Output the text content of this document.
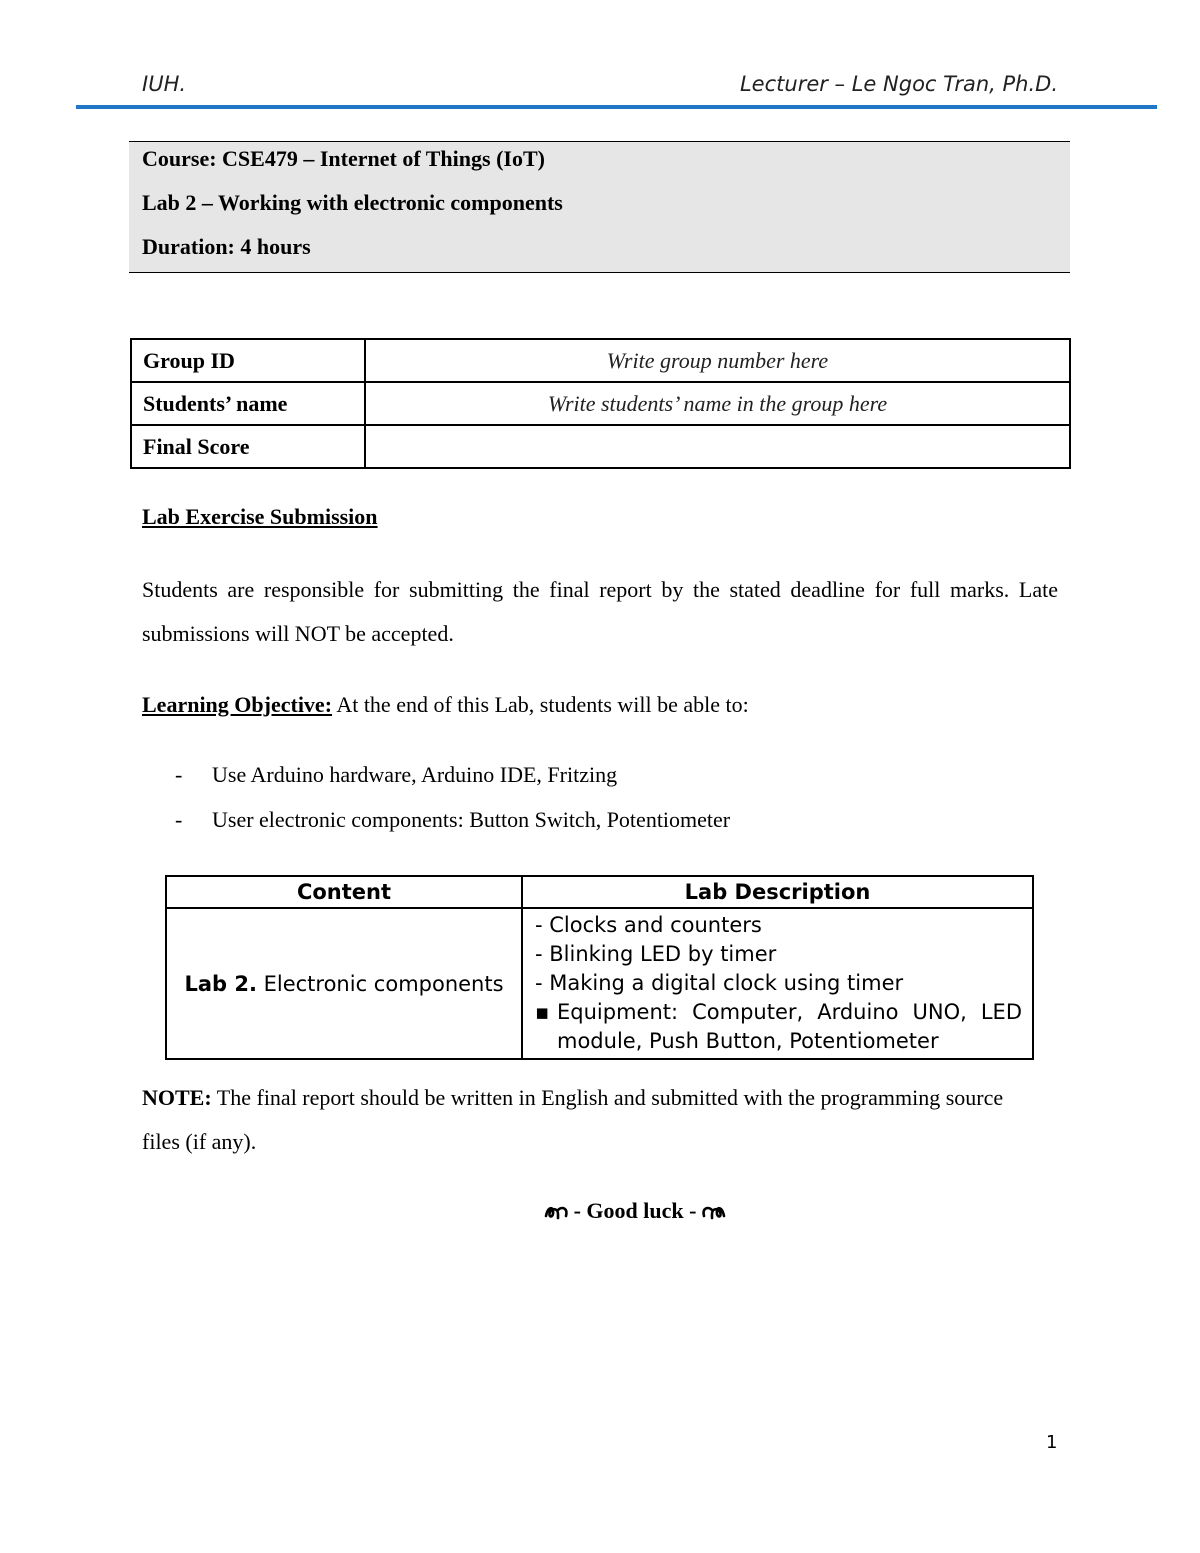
IUH.	Lecturer – Le Ngoc Tran, Ph.D.
Course: CSE479 – Internet of Things (IoT)
Lab 2 – Working with electronic components
Duration: 4 hours
Group ID	Write group number here
Students’ name	Write students’ name in the group here
Final Score	
Lab Exercise Submission
Students are responsible for submitting the final report by the stated deadline for full marks. Late submissions will NOT be accepted.
Learning Objective: At the end of this Lab, students will be able to:
- Use Arduino hardware, Arduino IDE, Fritzing
- User electronic components: Button Switch, Potentiometer
Content	Lab Description
Lab 2. Electronic components	- Clocks and counters
- Blinking LED by timer
- Making a digital clock using timer
▪ Equipment: Computer, Arduino UNO, LED module, Push Button, Potentiometer
NOTE: The final report should be written in English and submitted with the programming source files (if any).
- Good luck -
1
